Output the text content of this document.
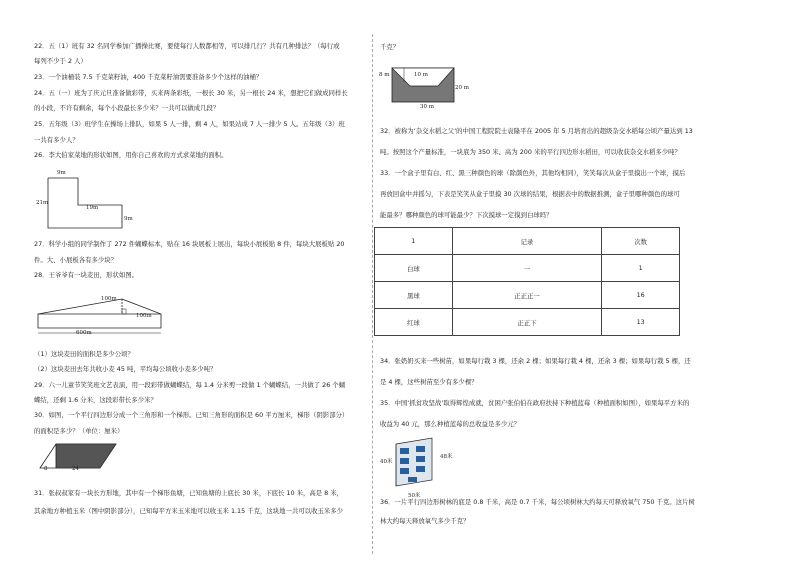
22．五（1）班有 32 名同学参加广播操比赛，要使每行人数都相等，可以排几行？共有几种排法？（每行或
每列不少于 2 人）
23．一个油桶装 7.5 千克菜籽油，400 千克菜籽油需要准备多少个这样的油桶？
24．五（一）班为了庆元旦准备做彩带，买来两条彩纸，一根长 30 米，另一根长 24 米，想把它们做成同样长
的小段，不许有剩余，每个小段最长多少米？一共可以做成几段？
25．五年级（3）班学生在操场上排队，如果 5 人一排，剩 4 人，如果站成 7 人一排少 5 人。五年级（3）班
一共有多少人？
26．李大伯家菜地的形状如图，用你自己喜欢的方式求菜地的面积。
9m
21m
19m
9m
27．科学小组的同学制作了 272 件蝴蝶标本，贴在 16 块展板上展出，每块小展板贴 8 件，每块大展板贴 20
件。大、小展板各有多少块？
28．王爷爷有一块麦田，形状如图。
100m
100m
600m
（1）这块麦田的面积是多少公顷？
（2）这块麦田去年共收小麦 45 吨，平均每公顷收小麦多少吨？
29．六一儿童节笑笑班文艺表演，用一段彩带做蝴蝶结，每 1.4 分米剪一段做 1 个蝴蝶结，一共做了 26 个蝴
蝶结，还剩 1.6 分米，这段彩带长多少米？
30．如图，一个平行四边形分成一个三角形和一个梯形。已知三角形的面积是 60 平方厘米，梯形（阴影部分）
的面积是多少？（单位：厘米）
8	24
31．张叔叔家有一块长方形地，其中有一个梯形鱼塘，已知鱼塘的上底长 30 米，下底长 10 米，高是 8 米，
其余地方种植玉米（图中阴影部分），已知每平方米玉米地可以收玉米 1.15 千克，这块地一共可以收玉米多少
千克？
10 m
8 m
30 m
20 m
32．被称为‘杂交水稻之父’的中国工程院院士袁隆平在 2005 年 5 月培育出的超级杂交水稻每公顷产量达到 13
吨。按照这个产量标准，一块底为 350 米、高为 200 米的平行四边形水稻田，可以收获杂交水稻多少吨？
33．一个盒子里有白、红、黑三种颜色的球（除颜色外，其他均相同），笑笑每次从盒子里摸出一个球，摸后
再放回盒中并摇匀，下表是笑笑从盒子里摸 30 次球的结果，根据表中的数据推测，盒子里哪种颜色的球可
能最多？哪种颜色的球可能最少？下次摸球一定摸到白球吗？
1	记录	次数
白球	一	1
黑球	正正正一	16
红球	正正下	13
34．张奶奶买来一些树苗，如果每行栽 3 棵，还余 2 棵；如果每行栽 4 棵，还余 3 棵；如果每行栽 5 棵，还
是 4 棵，这些树苗至少有多少棵？
35．中国‘抓贫攻坚战’取得辉煌成就，贫困户张伯伯在政府扶持下种植蓝莓（种植面积如图），如果每平方米的
收益为 40 元，那么种植蓝莓的总收益是多少元？
40米
48米
50米
36．一片平行四边形树林的底是 0.8 千米，高是 0.7 千米，每公顷树林大约每天可释放氧气 750 千克。这片树
林大约每天释放氧气多少千克？
